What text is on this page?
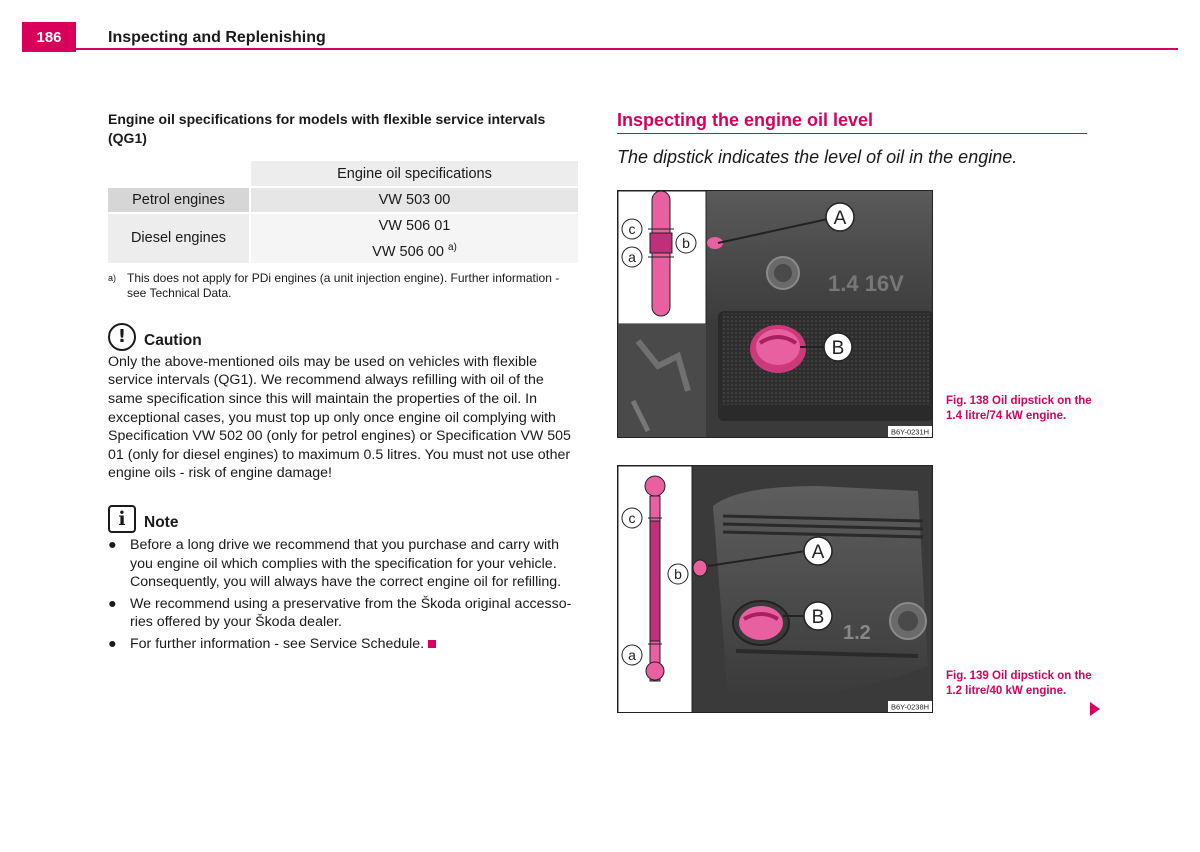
186	Inspecting and Replenishing
Engine oil specifications for models with flexible service intervals (QG1)
	Engine oil specifications
Petrol engines	VW 503 00
Diesel engines	VW 506 01
VW 506 00 $^{a)}$
a) This does not apply for PDi engines (a unit injection engine). Further information - see Technical Data.
!	Caution
Only the above-mentioned oils may be used on vehicles with flexible service intervals (QG1). We recommend always refilling with oil of the same specification since this will maintain the properties of the oil. In exceptional cases, you must top up only once engine oil complying with Specification VW 502 00 (only for petrol engines) or Specification VW 505 01 (only for diesel engines) to maximum 0.5 litres. You must not use other engine oils - risk of engine damage!
i	Note
● Before a long drive we recommend that you purchase and carry with you engine oil which complies with the specification for your vehicle. Consequently, you will always have the correct engine oil for refilling.
● We recommend using a preservative from the Škoda original accesso-ries offered by your Škoda dealer.
● For further information - see Service Schedule.
Inspecting the engine oil level
The dipstick indicates the level of oil in the engine.
1.4 16V
A
B
c
a
b
B6Y-0231H
Fig. 138 Oil dipstick on the 1.4 litre/74 kW engine.
1.2
A
B
c
b
a
B6Y-0238H
Fig. 139 Oil dipstick on the 1.2 litre/40 kW engine.
